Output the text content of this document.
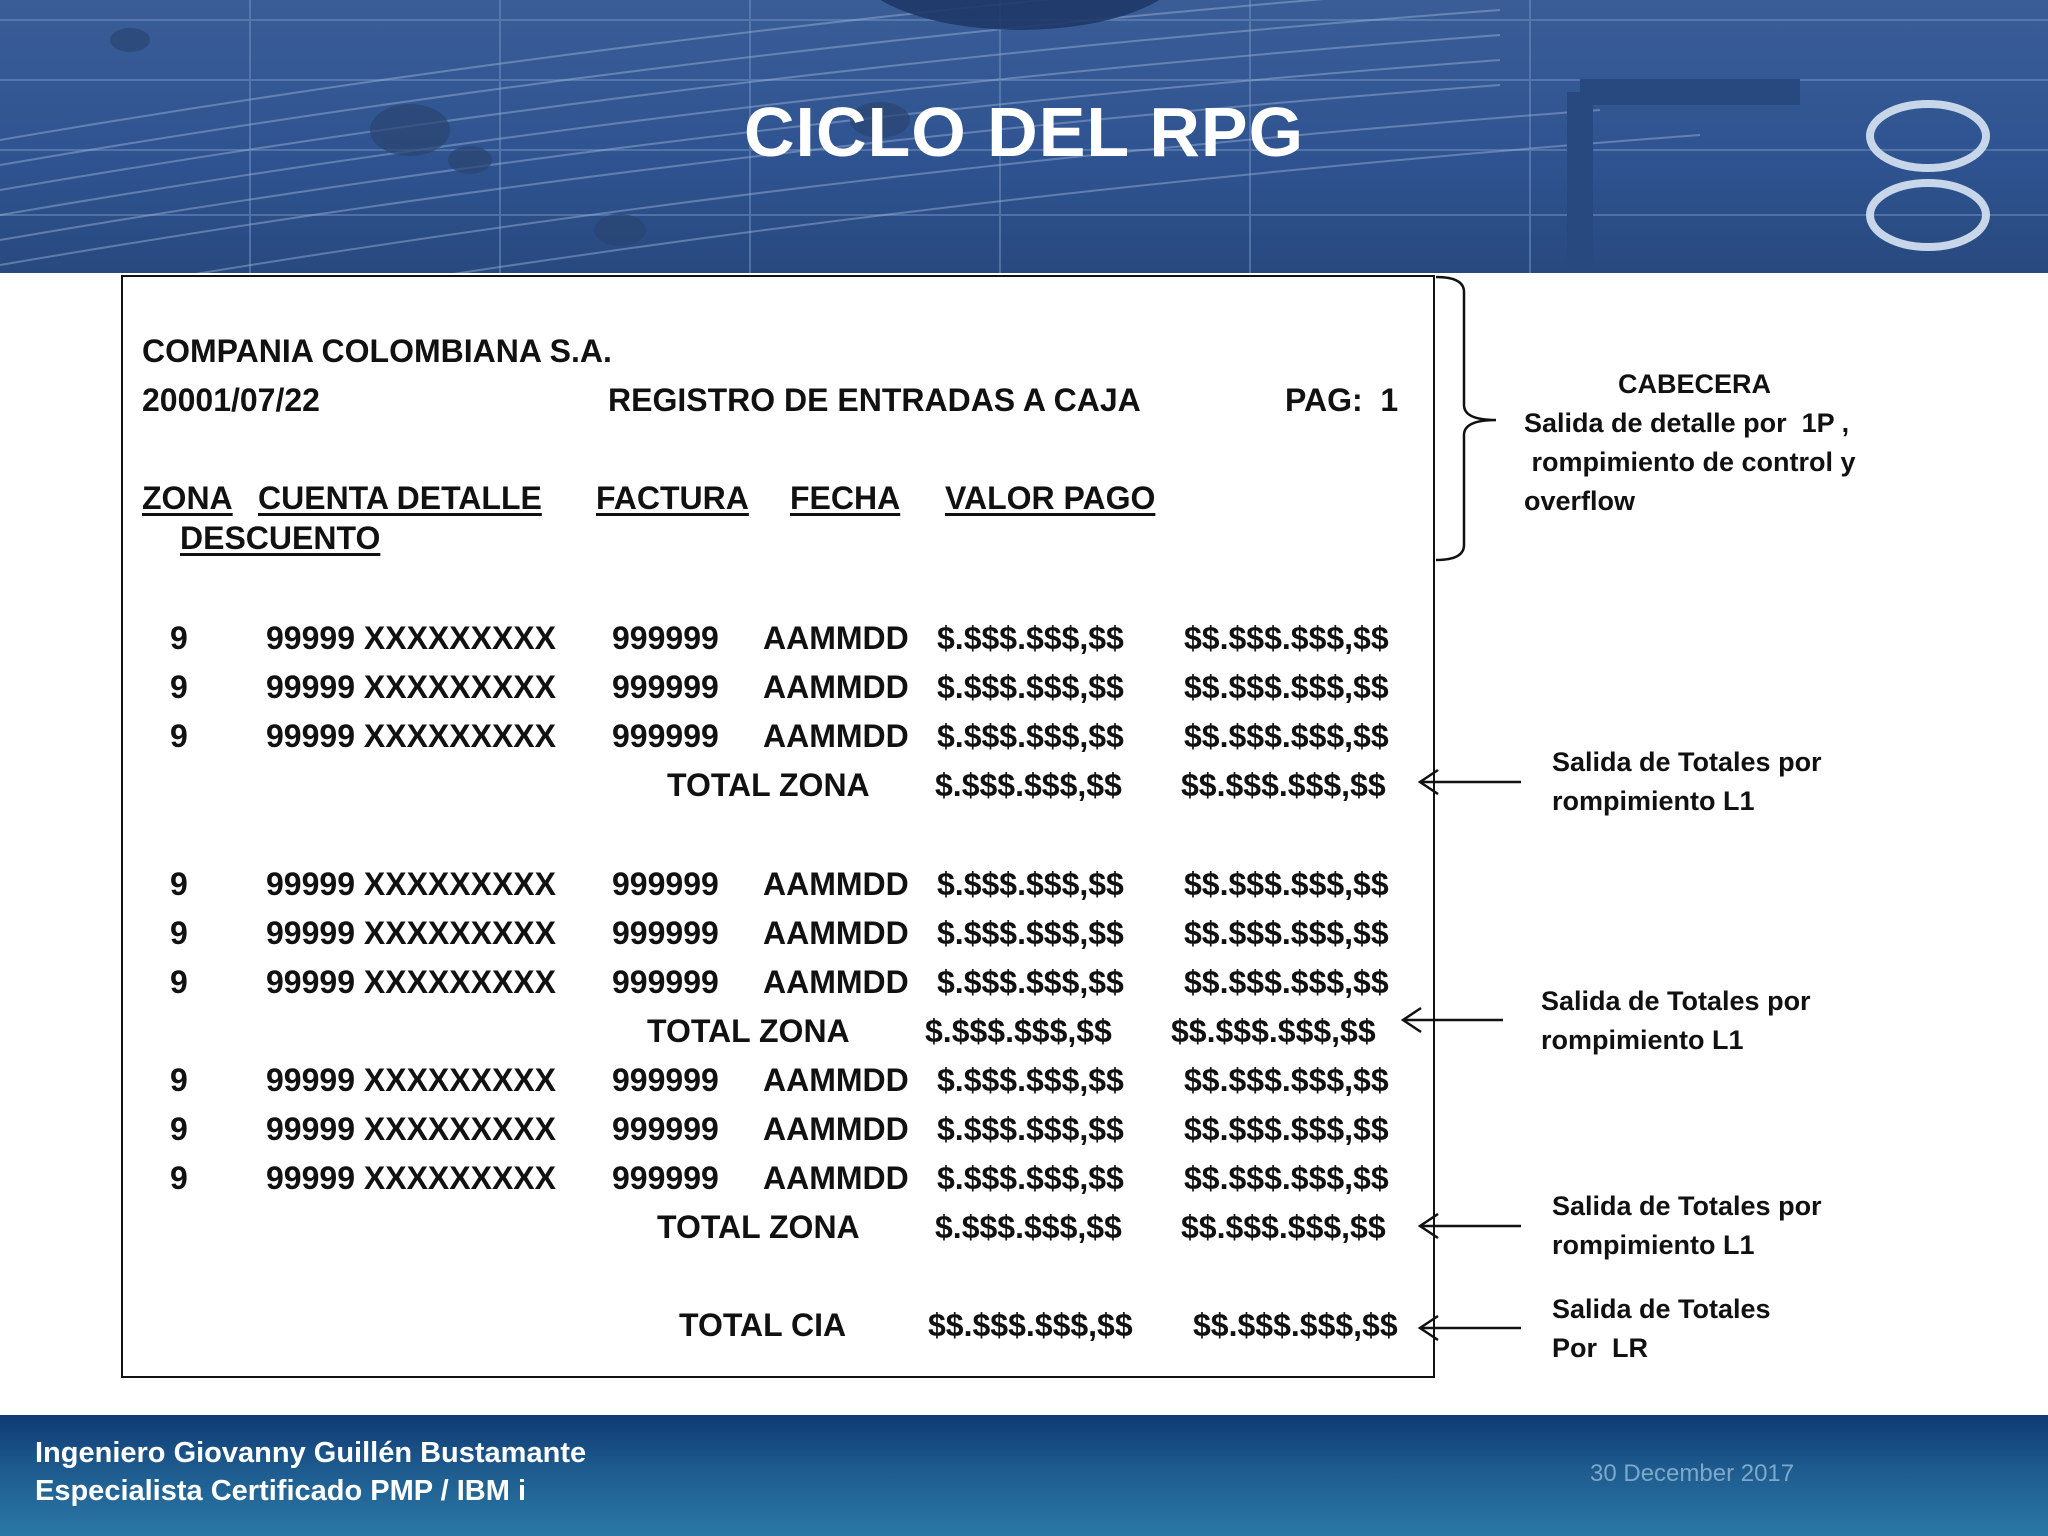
CICLO DEL RPG
COMPANIA COLOMBIANA S.A.
20001/07/22	REGISTRO DE ENTRADAS A CAJA	PAG:  1
ZONA CUENTA DETALLE FACTURA FECHA VALOR PAGO
DESCUENTO
9 99999 XXXXXXXXX 999999 AAMMDD $.$$$.$$$,$$ $$.$$$.$$$,$$
9 99999 XXXXXXXXX 999999 AAMMDD $.$$$.$$$,$$ $$.$$$.$$$,$$
9 99999 XXXXXXXXX 999999 AAMMDD $.$$$.$$$,$$ $$.$$$.$$$,$$
TOTAL ZONA $.$$$.$$$,$$ $$.$$$.$$$,$$
9 99999 XXXXXXXXX 999999 AAMMDD $.$$$.$$$,$$ $$.$$$.$$$,$$
9 99999 XXXXXXXXX 999999 AAMMDD $.$$$.$$$,$$ $$.$$$.$$$,$$
9 99999 XXXXXXXXX 999999 AAMMDD $.$$$.$$$,$$ $$.$$$.$$$,$$
TOTAL ZONA $.$$$.$$$,$$ $$.$$$.$$$,$$
9 99999 XXXXXXXXX 999999 AAMMDD $.$$$.$$$,$$ $$.$$$.$$$,$$
9 99999 XXXXXXXXX 999999 AAMMDD $.$$$.$$$,$$ $$.$$$.$$$,$$
9 99999 XXXXXXXXX 999999 AAMMDD $.$$$.$$$,$$ $$.$$$.$$$,$$
TOTAL ZONA $.$$$.$$$,$$ $$.$$$.$$$,$$
TOTAL CIA	$$.$$$.$$$,$$ $$.$$$.$$$,$$
CABECERA
Salida de detalle por  1P ,
rompimiento de control y
overflow
Salida de Totales por
rompimiento L1
Salida de Totales por
rompimiento L1
Salida de Totales por
rompimiento L1
Salida de Totales
Por  LR
Ingeniero Giovanny Guillén Bustamante
Especialista Certificado PMP / IBM i
30 December 2017
